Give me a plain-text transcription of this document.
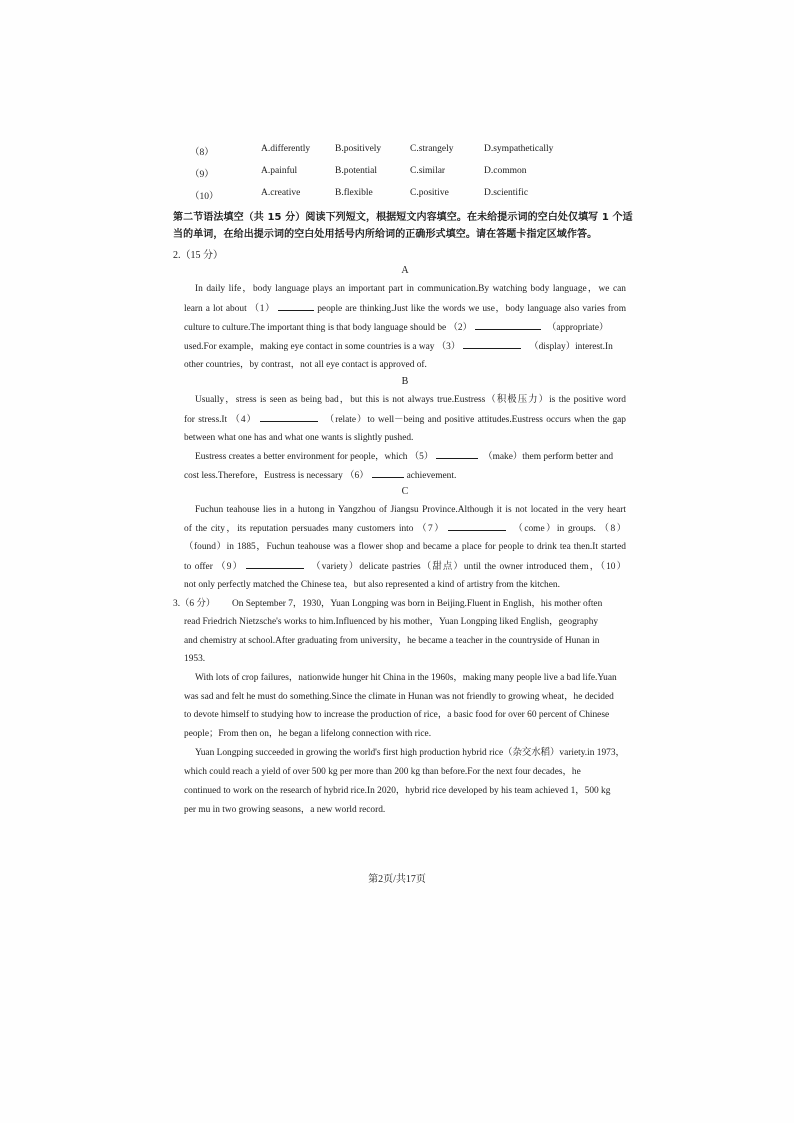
（8）	A.differently	B.positively	C.strangely	D.sympathetically
（9）	A.painful	B.potential	C.similar	D.common
（10）	A.creative	B.flexible	C.positive	D.scientific
第二节语法填空（共 15 分）阅读下列短文，根据短文内容填空。在未给提示词的空白处仅填写 1 个适当的单词，在给出提示词的空白处用括号内所给词的正确形式填空。请在答题卡指定区域作答。
2.（15 分）
A
In daily life，body language plays an important part in communication.By watching body language，we can
learn a lot about （1）	people are thinking.Just like the words we use，body language also varies from
culture to culture.The important thing is that body language should be （2）	（appropriate）
used.For example，making eye contact in some countries is a way （3）	（display）interest.In
other countries，by contrast，not all eye contact is approved of.
B
Usually，stress is seen as being bad，but this is not always true.Eustress（积极压力）is the positive word
for stress.It （4）	（relate）to well－being and positive attitudes.Eustress occurs when the gap
between what one has and what one wants is slightly pushed.
Eustress creates a better environment for people，which （5）	（make）them perform better and
cost less.Therefore，Eustress is necessary （6）	achievement.
C
Fuchun teahouse lies in a hutong in Yangzhou of Jiangsu Province.Although it is not located in the very heart
of the city，its reputation persuades many customers into （7）	（come）in groups. （8）
（found）in 1885，Fuchun teahouse was a flower shop and became a place for people to drink tea then.It started
to offer （9）	（variety）delicate pastries（甜点）until the owner introduced them，（10）
not only perfectly matched the Chinese tea，but also represented a kind of artistry from the kitchen.
3.（6 分） On September 7，1930，Yuan Longping was born in Beijing.Fluent in English，his mother often
read Friedrich Nietzsche's works to him.Influenced by his mother，Yuan Longping liked English，geography
and chemistry at school.After graduating from university，he became a teacher in the countryside of Hunan in
1953.
With lots of crop failures，nationwide hunger hit China in the 1960s，making many people live a bad life.Yuan
was sad and felt he must do something.Since the climate in Hunan was not friendly to growing wheat，he decided
to devote himself to studying how to increase the production of rice，a basic food for over 60 percent of Chinese
people；From then on，he began a lifelong connection with rice.
Yuan Longping succeeded in growing the world's first high production hybrid rice（杂交水稻）variety.in 1973，
which could reach a yield of over 500 kg per more than 200 kg than before.For the next four decades，he
continued to work on the research of hybrid rice.In 2020，hybrid rice developed by his team achieved 1，500 kg
per mu in two growing seasons，a new world record.
第2页/共17页
